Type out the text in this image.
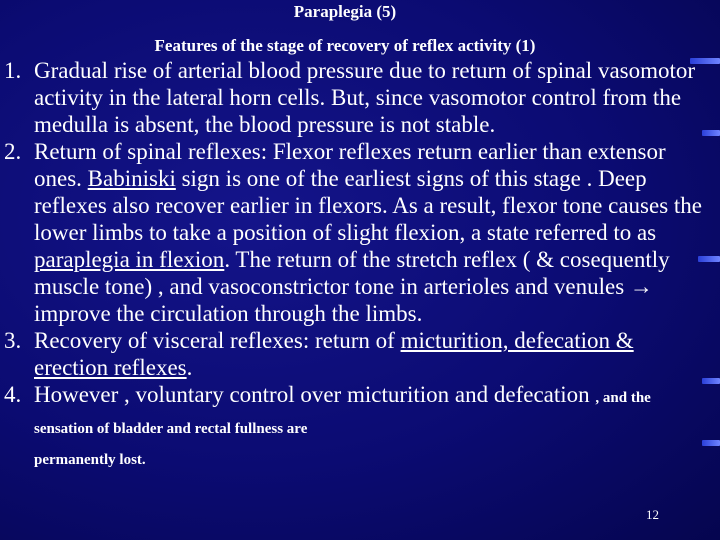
Paraplegia (5)
Features of the stage of recovery of reflex activity (1)
1. Gradual rise of arterial blood pressure due to return of spinal vasomotor activity in the lateral horn cells. But, since vasomotor control from the medulla is absent, the blood pressure is not stable.
2. Return of spinal reflexes: Flexor reflexes return earlier than extensor ones. Babiniski sign is one of the earliest signs of this stage . Deep reflexes also recover earlier in flexors. As a result, flexor tone causes the lower limbs to take a position of slight flexion, a state referred to as paraplegia in flexion. The return of the stretch reflex ( & cosequently muscle tone) , and vasoconstrictor tone in arterioles and venules → improve the circulation through the limbs.
3. Recovery of visceral reflexes: return of micturition, defecation & erection reflexes.
4. However , voluntary control over micturition and defecation , and the sensation of bladder and rectal fullness are
permanently lost.
12
